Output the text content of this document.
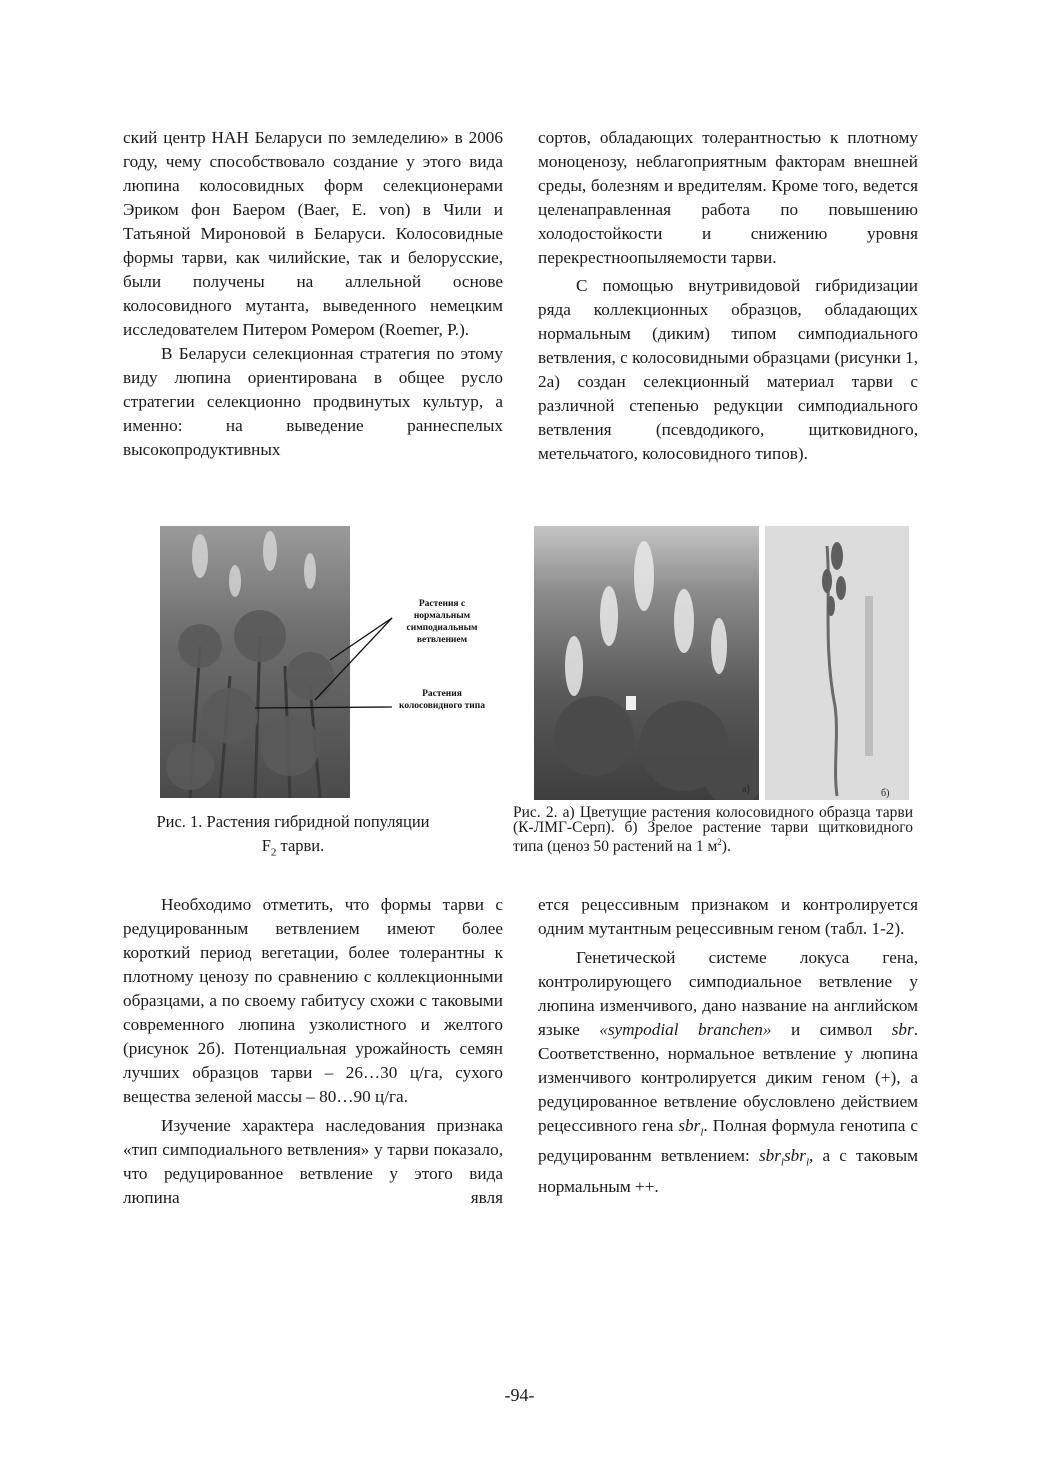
ский центр НАН Беларуси по земледелию» в 2006 году, чему способствовало создание у этого вида люпина колосовидных форм селекционерами Эриком фон Баером (Baer, E. von) в Чили и Татьяной Мироновой в Беларуси. Колосовидные формы тарви, как чилийские, так и белорусские, были получены на аллельной основе колосовидного мутанта, выведенного немецким исследователем Питером Ромером (Roemer, P.).

В Беларуси селекционная стратегия по этому виду люпина ориентирована в общее русло стратегии селекционно продвинутых культур, а именно: на выведение раннеспелых высокопродуктивных

сортов, обладающих толерантностью к плотному моноценозу, неблагоприятным факторам внешней среды, болезням и вредителям. Кроме того, ведется целенаправленная работа по повышению холодостойкости и снижению уровня перекрестноопыляемости тарви.

С помощью внутривидовой гибридизации ряда коллекционных образцов, обладающих нормальным (диким) типом симподиального ветвления, с колосовидными образцами (рисунки 1, 2а) создан селекционный материал тарви с различной степенью редукции симподиального ветвления (псевдодикого, щитковидного, метельчатого, колосовидного типов).

Растения с нормальным симподиальным ветвлением
Растения колосовидного типа
Рис. 1. Растения гибридной популяции
$F_2$ тарви.
а)	б)
Рис. 2. а) Цветущие растения колосовидного образца тарви (К-ЛМГ-Серп). б) Зрелое растение тарви щитковидного типа (ценоз 50 растений на 1 $м^2$).

Необходимо отметить, что формы тарви с редуцированным ветвлением имеют более короткий период вегетации, более толерантны к плотному ценозу по сравнению с коллекционными образцами, а по своему габитусу схожи с таковыми современного люпина узколистного и желтого (рисунок 2б). Потенциальная урожайность семян лучших образцов тарви – 26…30 ц/га, сухого вещества зеленой массы – 80…90 ц/га.

Изучение характера наследования признака «тип симподиального ветвления» у тарви показало, что редуцированное ветвление у этого вида люпина явля

ется рецессивным признаком и контролируется одним мутантным рецессивным геном (табл. 1-2).

Генетической системе локуса гена, контролирующего симподиальное ветвление у люпина изменчивого, дано название на английском языке «sympodial branchen» и символ sbr. Соответственно, нормальное ветвление у люпина изменчивого контролируется диким геном (+), а редуцированное ветвление обусловлено действием рецессивного гена sbr$_l$. Полная формула генотипа с редуцированнм ветвлением: sbr$_l$sbr$_l$, а с таковым нормальным ++.

-94-
